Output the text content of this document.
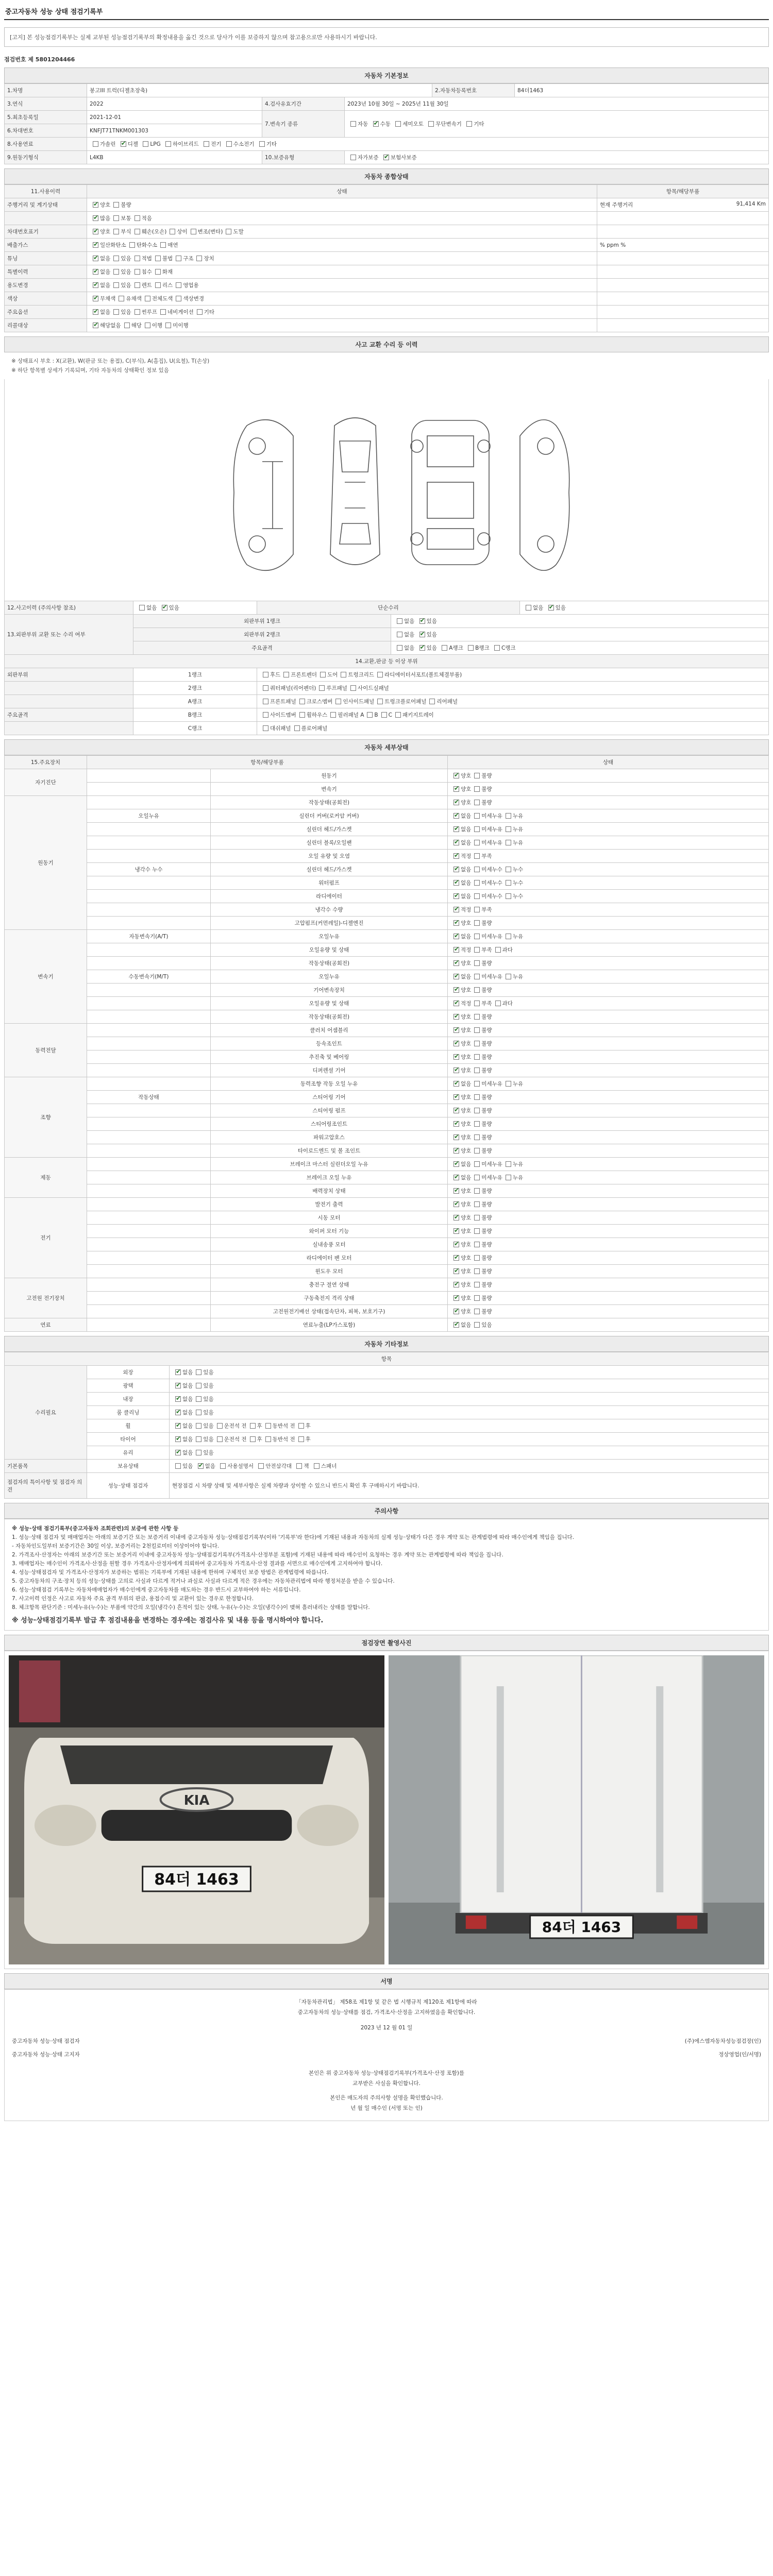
중고자동차 성능 상태 점검기록부
[고지] 본 성능점검기록부는 실제 교부된 성능점검기록부의 확정내용을 옮긴 것으로 당사가 이를 보증하지 않으며 참고용으로만 사용하시기 바랍니다.
점검번호 제 5801204466
자동차 기본정보
1.차명	봉고III 트럭(디젤초장축)			2.자동차등록번호	84더1463
3.연식	2022	4.검사유효기간	2023년 10월 30일 ~ 2025년 11월 30일		
5.최초등록일	2021-12-01	7.변속기 종류	자동 ✔ 수동 세미오토 무단변속기 기타
6.차대번호	KNFJT71TNKM001303				
8.사용연료	가솔린 ✔ 디젤 LPG 하이브리드 전기 수소전기 기타
9.원동기형식	L4KB	10.보증유형	자가보증 ✔ 보험사보증
자동차 종합상태
11.사용이력	상태	항목/해당부품
주행거리 및 계기상태	✔양호 불량	현재 주행거리 91,414 Km

	✔많음 보통 적음	

차대번호표기	✔양호 부식 훼손(오손) 상이 변조(변타) 도말	

배출가스	✔일산화탄소 탄화수소 매연	% ppm %

튜닝	✔없음 있음 적법 불법 구조 장치	

특별이력	✔없음 있음 침수 화재	

용도변경	✔없음 있음 렌트 리스 영업용	

색상	✔무채색 유채색 전체도색 색상변경	

주요옵션	✔없음 있음 썬루프 네비게이션 기타	

리콜대상	✔해당없음 해당 이행 미이행	
사고 교환 수리 등 이력
※ 상태표시 부호 : X(교환), W(판금 또는 용접), C(부식), A(흠집), U(요철), T(손상)
※ 하단 항목별 상세가 기록되며, 기타 자동차의 상태확인 정보 있음
12.사고이력 (주의사항 참조)	없음 ✔ 있음	단순수리		없음 ✔ 있음
13.외판부위 교환 또는 수리 여부	외판부위 1랭크		없음 ✔ 있음
	외판부위 2랭크		없음 ✔ 있음
	주요골격		없음 ✔ 있음 A랭크 B랭크 C랭크
14.교환,판금 등 이상 부위				
외판부위	1랭크	후드 프론트펜더 도어 트렁크리드 라디에이터서포트(볼트체결부품)		
	2랭크	쿼터패널(리어펜더) 루프패널 사이드실패널		
	A랭크	프론트패널 크로스멤버 인사이드패널 트렁크플로어패널 리어패널		
주요골격	B랭크	사이드멤버 휠하우스 필러패널 A B C 패키지트레이		
	C랭크	대쉬패널 플로어패널		
자동차 세부상태
15.주요장치	항목/해당부품		상태
자기진단		원동기	✔양호 불량
		변속기	✔양호 불량
원동기		작동상태(공회전)	✔양호 불량
	오일누유	실린더 커버(로커암 커버)	✔없음 미세누유 누유
		실린더 헤드/가스켓	✔없음 미세누유 누유
		실린더 블록/오일팬	✔없음 미세누유 누유
		오일 유량 및 오염	✔적정 부족
	냉각수 누수	실린더 헤드/가스켓	✔없음 미세누수 누수
		워터펌프	✔없음 미세누수 누수
		라디에이터	✔없음 미세누수 누수
		냉각수 수량	✔적정 부족
		고압펌프(커먼레일)-디젤엔진	✔양호 불량
변속기	자동변속기(A/T)	오일누유	✔없음 미세누유 누유
		오일유량 및 상태	✔적정 부족 과다
		작동상태(공회전)	✔양호 불량
	수동변속기(M/T)	오일누유	✔없음 미세누유 누유
		기어변속장치	✔양호 불량
		오일유량 및 상태	✔적정 부족 과다
		작동상태(공회전)	✔양호 불량
동력전달		클러치 어셈블리	✔양호 불량
		등속조인트	✔양호 불량
		추진축 및 베어링	✔양호 불량
		디퍼렌셜 기어	✔양호 불량
조향		동력조향 작동 오일 누유	✔없음 미세누유 누유
	작동상태	스티어링 기어	✔양호 불량
		스티어링 펌프	✔양호 불량
		스티어링조인트	✔양호 불량
		파워고압호스	✔양호 불량
		타이로드엔드 및 볼 조인트	✔양호 불량
제동		브레이크 마스터 실린더오일 누유	✔없음 미세누유 누유
		브레이크 오일 누유	✔없음 미세누유 누유
		배력장치 상태	✔양호 불량
전기		발전기 출력	✔양호 불량
		시동 모터	✔양호 불량
		와이퍼 모터 기능	✔양호 불량
		실내송풍 모터	✔양호 불량
		라디에이터 팬 모터	✔양호 불량
		윈도우 모터	✔양호 불량
고전원 전기장치		충전구 절연 상태	✔양호 불량
		구동축전지 격리 상태	✔양호 불량
		고전원전기배선 상태(접속단자, 피복, 보호기구)	✔양호 불량
연료		연료누출(LP가스포함)	✔없음 있음
자동차 기타정보
항목		
수리필요	외장	✔없음 있음
	광택	✔없음 있음
	내장	✔없음 있음
	룸 클리닝	✔없음 있음
	휠	✔없음 있음 운전석 전 후 동반석 전 후
	타이어	✔없음 있음 운전석 전 후 동반석 전 후
	유리	✔없음 있음
기본품목	보유상태	있음 ✔ 없음 사용설명서 안전삼각대 잭 스패너
점검자의 특이사항 및 점검자 의견	성능·상태 점검자	현장점검 시 차량 상태 및 세부사항은 실제 차량과 상이할 수 있으니 반드시 확인 후 구매하시기 바랍니다.
주의사항
※ 성능·상태 점검기록부(중고자동차 조회관련)의 보증에 관한 사항 등
1. 성능·상태 점검자 및 매매업자는 아래의 보증기간 또는 보증거리 이내에 중고자동차 성능·상태점검기록부(이하 '기록부'라 한다)에 기재된 내용과 자동차의 실제 성능·상태가 다른 경우 계약 또는 관계법령에 따라 매수인에게 책임을 집니다.
- 자동차인도일부터 보증기간은 30일 이상, 보증거리는 2천킬로미터 이상이어야 합니다.
2. 가격조사·산정자는 아래의 보증기간 또는 보증거리 이내에 중고자동차 성능·상태점검기록부(가격조사·산정부분 포함)에 기재된 내용에 따라 매수인이 요청하는 경우 계약 또는 관계법령에 따라 책임을 집니다.
3. 매매업자는 매수인이 가격조사·산정을 원할 경우 가격조사·산정자에게 의뢰하여 중고자동차 가격조사·산정 결과를 서면으로 매수인에게 고지하여야 합니다.
4. 성능·상태점검자 및 가격조사·산정자가 보증하는 범위는 기록부에 기재된 내용에 한하며 구체적인 보증 방법은 관계법령에 따릅니다.
5. 중고자동차의 구조·장치 등의 성능·상태를 고의로 사실과 다르게 적거나 과실로 사실과 다르게 적은 경우에는 자동차관리법에 따라 행정처분을 받을 수 있습니다.
6. 성능·상태점검 기록부는 자동차매매업자가 매수인에게 중고자동차를 매도하는 경우 반드시 교부하여야 하는 서류입니다.
7. 사고이력 인정은 사고로 자동차 주요 골격 부위의 판금, 용접수리 및 교환이 있는 경우로 한정합니다.
8. 체크항목 판단기준 : 미세누유(누수)는 부품에 약간의 오일(냉각수) 흔적이 있는 상태, 누유(누수)는 오일(냉각수)이 맺혀 흘러내리는 상태를 말합니다.
※ 성능·상태점검기록부 발급 후 점검내용을 변경하는 경우에는 점검사유 및 내용 등을 명시하여야 합니다.
점검장면 촬영사진
KIA
84더 1463
84더 1463
서명
「자동차관리법」 제58조 제1항 및 같은 법 시행규칙 제120조 제1항에 따라
중고자동차의 성능·상태를 점검, 가격조사·산정을 고지하였음을 확인합니다.
2023 년 12 월 01 일
중고자동차 성능·상태 점검자	(주)에스엠자동차성능점검장(인)
중고자동차 성능·상태 고지자	정상영업(인/서명)
본인은 위 중고자동차 성능·상태점검기록부(가격조사·산정 포함)를
교부받은 사실을 확인합니다.
본인은 매도자의 주의사항 설명을 확인했습니다.
년 월 일 매수인 (서명 또는 인)
